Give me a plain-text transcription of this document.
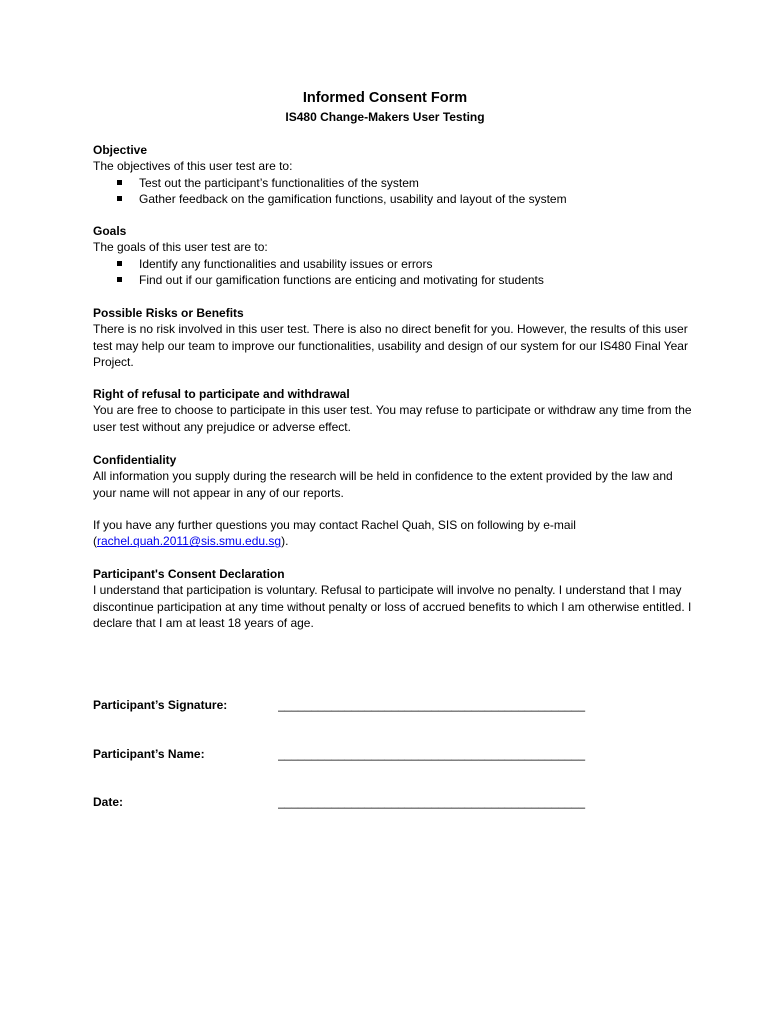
Informed Consent Form
IS480 Change-Makers User Testing
Objective
The objectives of this user test are to:
Test out the participant’s functionalities of the system
Gather feedback on the gamification functions, usability and layout of the system
Goals
The goals of this user test are to:
Identify any functionalities and usability issues or errors
Find out if our gamification functions are enticing and motivating for students
Possible Risks or Benefits
There is no risk involved in this user test. There is also no direct benefit for you. However, the results of this user test may help our team to improve our functionalities, usability and design of our system for our IS480 Final Year Project.
Right of refusal to participate and withdrawal
You are free to choose to participate in this user test. You may refuse to participate or withdraw any time from the user test without any prejudice or adverse effect.
Confidentiality
All information you supply during the research will be held in confidence to the extent provided by the law and your name will not appear in any of our reports.
If you have any further questions you may contact Rachel Quah, SIS on following by e-mail
(rachel.quah.2011@sis.smu.edu.sg).
Participant's Consent Declaration
I understand that participation is voluntary. Refusal to participate will involve no penalty. I understand that I may discontinue participation at any time without penalty or loss of accrued benefits to which I am otherwise entitled. I declare that I am at least 18 years of age.
Participant’s Signature:	______________________________________________
Participant’s Name:	______________________________________________
Date:	______________________________________________
